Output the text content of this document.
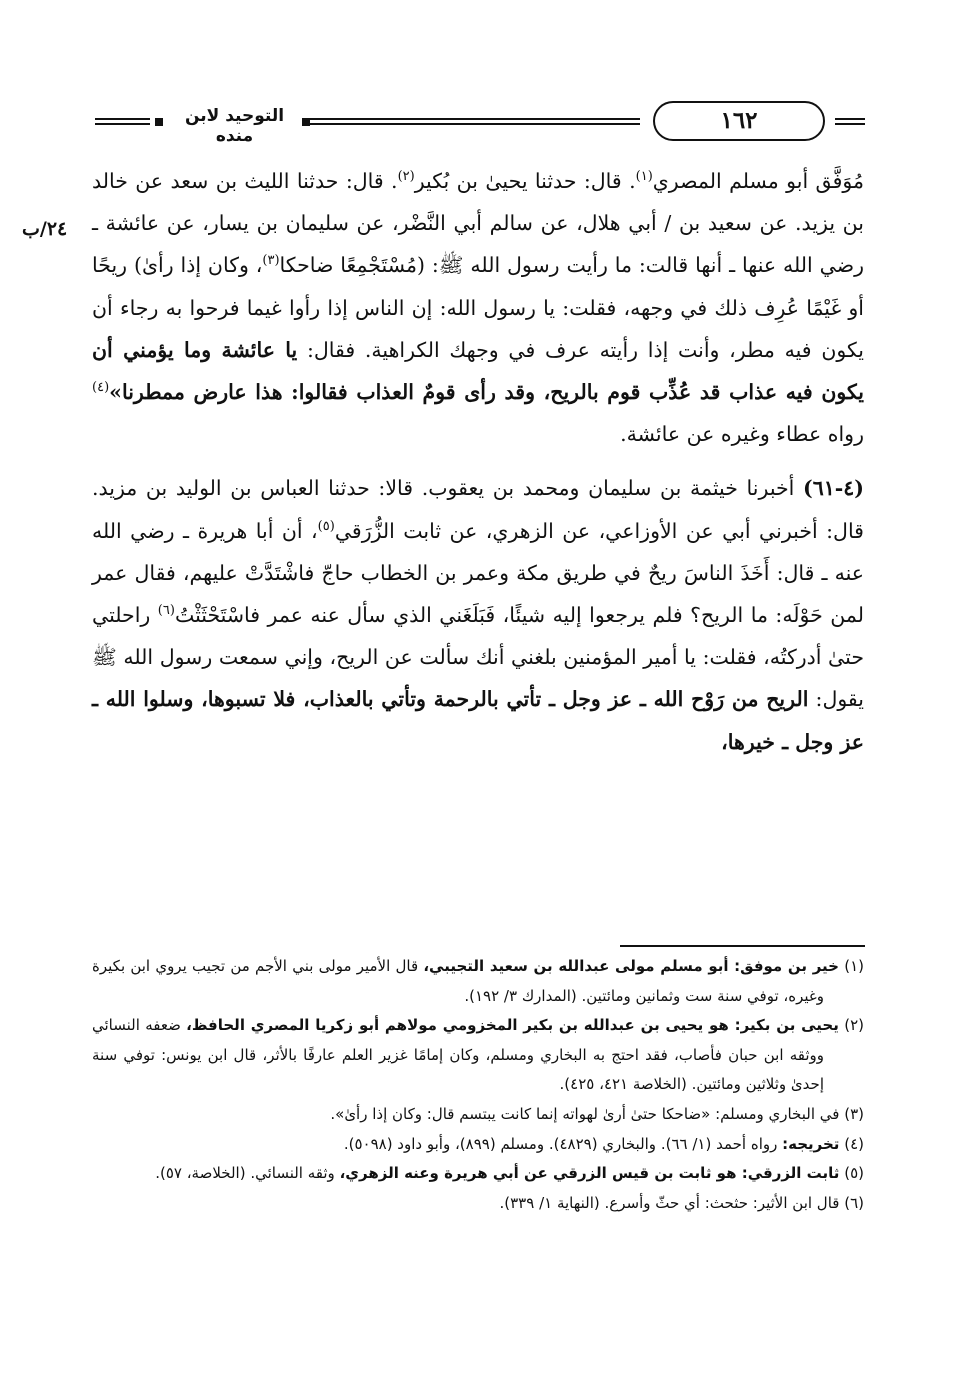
التوحيد لابن منده
١٦٢
٢٤/ب

مُوَفَّق أبو مسلم المصري$^{(١)}$. قال: حدثنا يحيىٰ بن بُكير$^{(٢)}$. قال: حدثنا الليث بن سعد عن خالد بن يزيد. عن سعيد بن / أبي هلال، عن سالم أبي النَّضْر، عن سليمان بن يسار، عن عائشة ـ رضي الله عنها ـ أنها قالت: ما رأيت رسول الله ﷺ: (مُسْتَجْمِعًا ضاحكا$^{(٣)}$، وكان إذا رأىٰ) ريحًا أو غَيْمًا عُرِف ذلك في وجهه، فقلت: يا رسول الله: إن الناس إذا رأوا غيما فرحوا به رجاء أن يكون فيه مطر، وأنت إذا رأيته عرف في وجهك الكراهية. فقال: يا عائشة وما يؤمني أن يكون فيه عذاب قد عُذِّب قوم بالريح، وقد رأى قومٌ العذاب فقالوا: هذا عارض ممطرنا»$^{(٤)}$ رواه عطاء وغيره عن عائشة.

(٤-٦١) أخبرنا خيثمة بن سليمان ومحمد بن يعقوب. قالا: حدثنا العباس بن الوليد بن مزيد. قال: أخبرني أبي عن الأوزاعي، عن الزهري، عن ثابت الزُّرَقي$^{(٥)}$، أن أبا هريرة ـ رضي الله عنه ـ قال: أَخَذَ الناسَ ريحٌ في طريق مكة وعمر بن الخطاب حاجّ فاشْتَدَّتْ عليهم، فقال عمر لمن حَوْلَه: ما الريح؟ فلم يرجعوا إليه شيئًا، فَبَلَغَني الذي سأل عنه عمر فاسْتَحْثَثْتُ$^{(٦)}$ راحلتي حتىٰ أدركتُه، فقلت: يا أمير المؤمنين بلغني أنك سألت عن الريح، وإني سمعت رسول الله ﷺ يقول: الريح من رَوْح الله ـ عز وجل ـ تأتي بالرحمة وتأتي بالعذاب، فلا تسبوها، وسلوا الله ـ عز وجل ـ خيرها،

(١) خير بن موفق: أبو مسلم مولى عبدالله بن سعيد التجيبي، قال الأمير مولى بني الأجم من تجيب يروي ابن بكيرة وغيره، توفي سنة ست وثمانين ومائتين. (المدارك ٣/ ١٩٢).

(٢) يحيى بن بكير: هو يحيى بن عبدالله بن بكير المخزومي مولاهم أبو زكريا المصري الحافظ، ضعفه النسائي ووثقه ابن حبان فأصاب، فقد احتج به البخاري ومسلم، وكان إمامًا غزير العلم عارفًا بالأثر، قال ابن يونس: توفي سنة إحدىٰ وثلاثين ومائتين. (الخلاصة ٤٢١، ٤٢٥).

(٣) في البخاري ومسلم: «ضاحكا حتىٰ أرىٰ لهواته إنما كانت يبتسم قال: وكان إذا رأىٰ».

(٤) تخريجه: رواه أحمد (١/ ٦٦). والبخاري (٤٨٢٩). ومسلم (٨٩٩)، وأبو داود (٥٠٩٨).

(٥) ثابت الزرقي: هو ثابت بن قيس الزرقي عن أبي هريرة وعنه الزهري، وثقه النسائي. (الخلاصة، ٥٧).

(٦) قال ابن الأثير: حثحث: أي حثّ وأسرع. (النهاية ١/ ٣٣٩).
